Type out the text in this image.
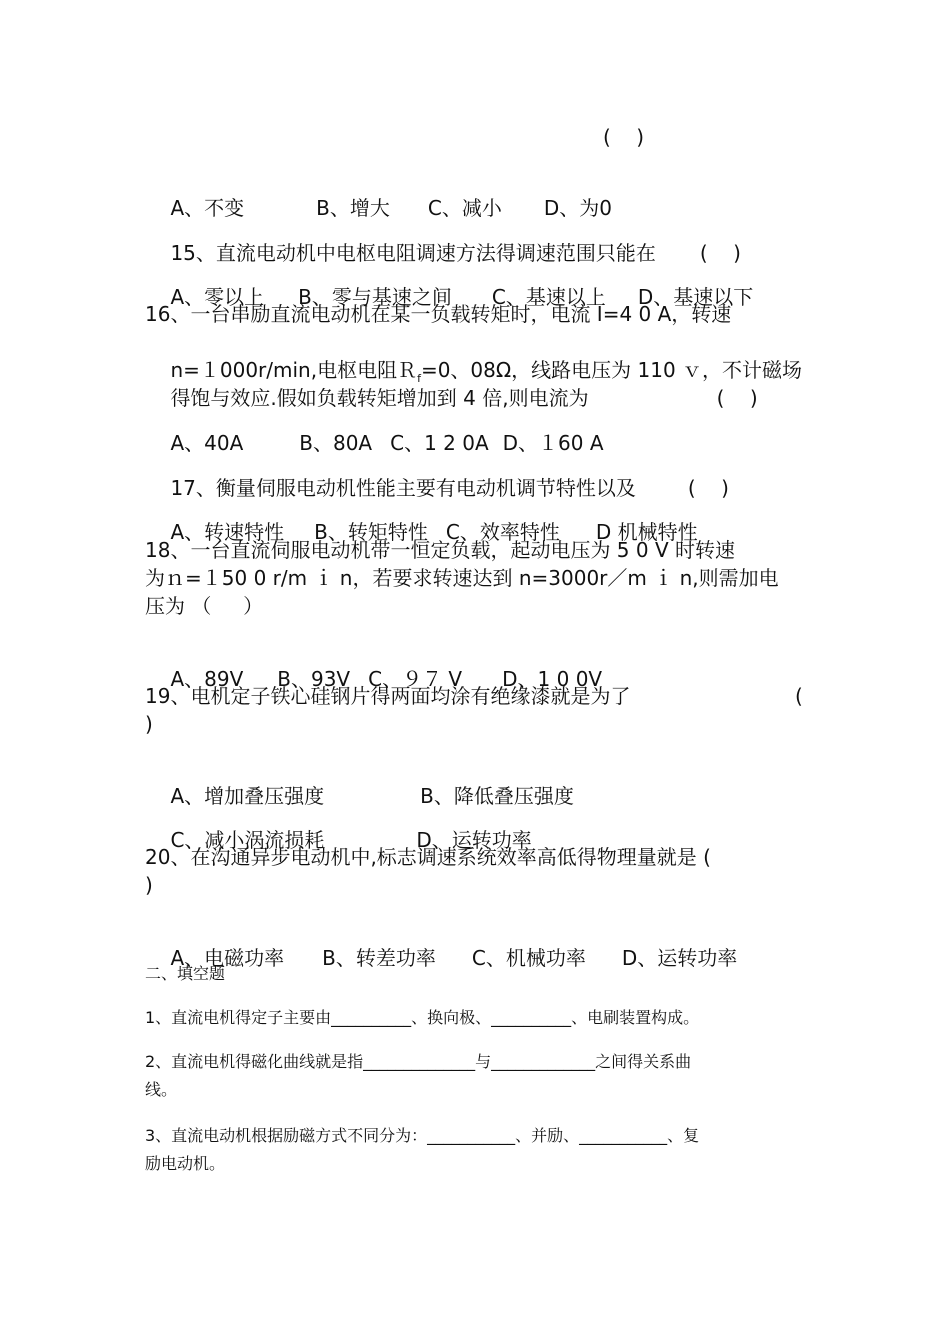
(    )

A、不变	B、增大 C、减小 D、为0

15、直流电动机中电枢电阻调速方法得调速范围只能在 (    )

A、零以上 B、零与基速之间 C、基速以上 D、基速以下

16、一台串励直流电动机在某一负载转矩时，电流 I=4 0 A，转速

n=１000r/min,电枢电阻Ｒ$_f$=0、08Ω，线路电压为 110 ｖ，不计磁场

得饱与效应.假如负载转矩增加到 4 倍,则电流为	(    )

A、40A	B、80A C、1 2 0A D、１60 A

17、衡量伺服电动机性能主要有电动机调节特性以及	(    )

A、转速特性 B、转矩特性 C、效率特性 D 机械特性

18、一台直流伺服电动机带一恒定负载，起动电压为 5 0 V 时转速
为ｎ=１50 0 r/m ｉ n，若要求转速达到 n=3000r／m ｉ n,则需加电
压为 （     ）

A、89V B、93V C、９７ V D、1 0 0V

19、电机定子铁心硅钢片得两面均涂有绝缘漆就是为了	(
)

A、增加叠压强度	B、降低叠压强度

C、减小涡流损耗	D、运转功率

20、在沟通异步电动机中,标志调速系统效率高低得物理量就是 (
)

A、电磁功率 B、转差功率 C、机械功率 D、运转功率

二、填空题
1、直流电机得定子主要由__________、换向极、__________、电刷装置构成。
2、直流电机得磁化曲线就是指______________与_____________之间得关系曲
线。
3、直流电动机根据励磁方式不同分为：___________、并励、___________、复
励电动机。
